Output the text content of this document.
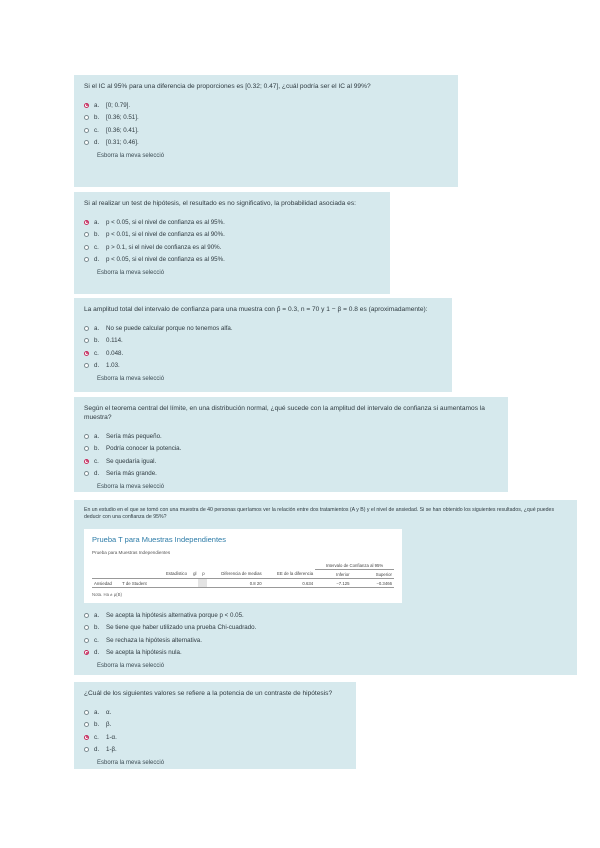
Si el IC al 95% para una diferencia de proporciones es [0.32; 0.47], ¿cuál podría ser el IC al 99%?

a.	[0; 0.79].
b.	[0.36; 0.51].
c.	[0.36; 0.41].
d.	[0.31; 0.46].
Esborra la meva selecció

Si al realizar un test de hipótesis, el resultado es no significativo, la probabilidad asociada es:

a.	p < 0.05, si el nivel de confianza es al 95%.
b.	p < 0.01, si el nivel de confianza es al 90%.
c.	p > 0.1, si el nivel de confianza es al 90%.
d.	p < 0.05, si el nivel de confianza es al 95%.
Esborra la meva selecció

La amplitud total del intervalo de confianza para una muestra con p̂ = 0.3, n = 70 y 1 − β = 0.8 es (aproximadamente):

a.	No se puede calcular porque no tenemos alfa.
b.	0.114.
c.	0.048.
d.	1.03.
Esborra la meva selecció

Según el teorema central del límite, en una distribución normal, ¿qué sucede con la amplitud del intervalo de confianza si aumentamos la muestra?

a.	Sería más pequeño.
b.	Podría conocer la potencia.
c.	Se quedaría igual.
d.	Sería más grande.
Esborra la meva selecció

En un estudio en el que se tomó con una muestra de 40 personas queríamos ver la relación entre dos tratamientos (A y B) y el nivel de ansiedad. Si se han obtenido los siguientes resultados, ¿qué puedes deducir con una confianza de 95%?

Prueba T para Muestras Independientes
Prueba para Muestras Independientes
							Intervalo de Confianza al 95%	
		Estadístico	gl	p	Diferencia de medias	EE de la diferencia	Inferior	Superior
Ansiedad	T de Student				0.8 20	0.634	−7.125	−0.3466
Nota. Ha ≠ μ(B)
a.	Se acepta la hipótesis alternativa porque p < 0.05.
b.	Se tiene que haber utilizado una prueba Chi-cuadrado.
c.	Se rechaza la hipótesis alternativa.
d.	Se acepta la hipótesis nula.
Esborra la meva selecció

¿Cuál de los siguientes valores se refiere a la potencia de un contraste de hipótesis?

a.	α.
b.	β.
c.	1-α.
d.	1-β.
Esborra la meva selecció
